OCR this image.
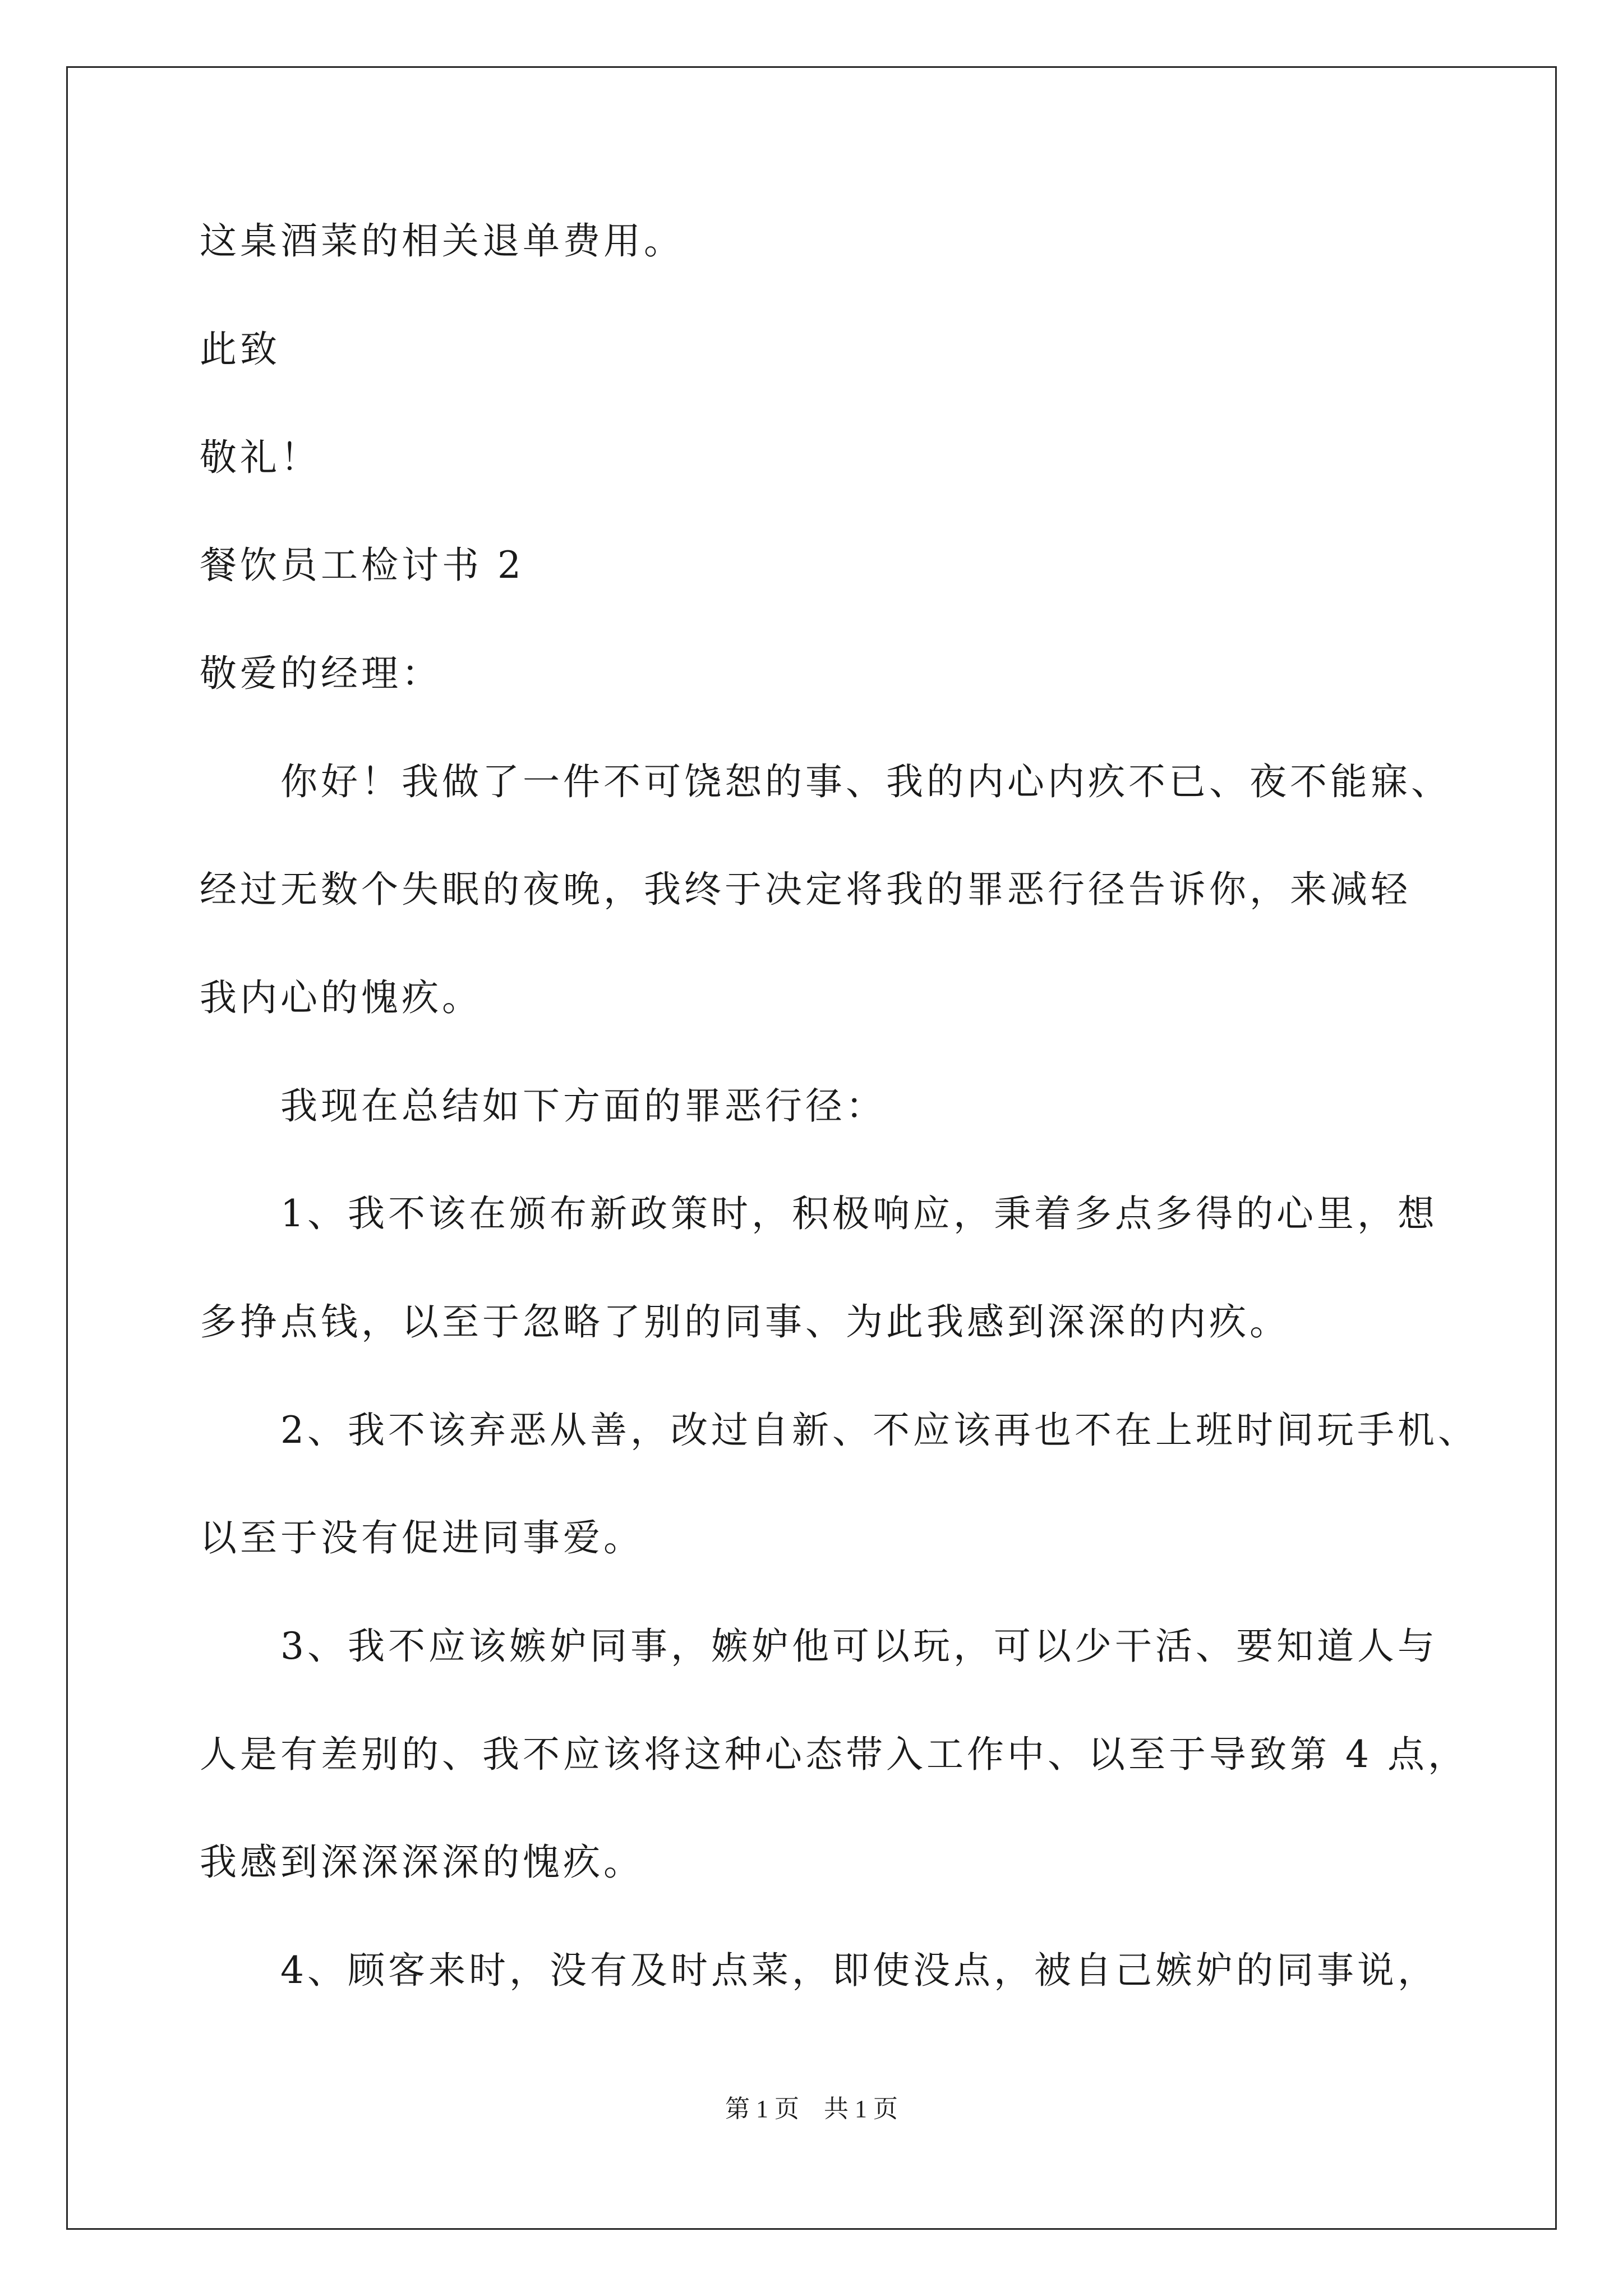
这桌酒菜的相关退单费用。
此致
敬礼！
餐饮员工检讨书 2
敬爱的经理：
你好！我做了一件不可饶恕的事、我的内心内疚不已、夜不能寐、
经过无数个失眠的夜晚，我终于决定将我的罪恶行径告诉你，来减轻
我内心的愧疚。
我现在总结如下方面的罪恶行径：
1、我不该在颁布新政策时，积极响应，秉着多点多得的心里，想
多挣点钱，以至于忽略了别的同事、为此我感到深深的内疚。
2、我不该弃恶从善，改过自新、不应该再也不在上班时间玩手机、
以至于没有促进同事爱。
3、我不应该嫉妒同事，嫉妒他可以玩，可以少干活、要知道人与
人是有差别的、我不应该将这种心态带入工作中、以至于导致第 4 点，
我感到深深深深的愧疚。
4、顾客来时，没有及时点菜，即使没点，被自己嫉妒的同事说，
第 1 页 共 1 页
